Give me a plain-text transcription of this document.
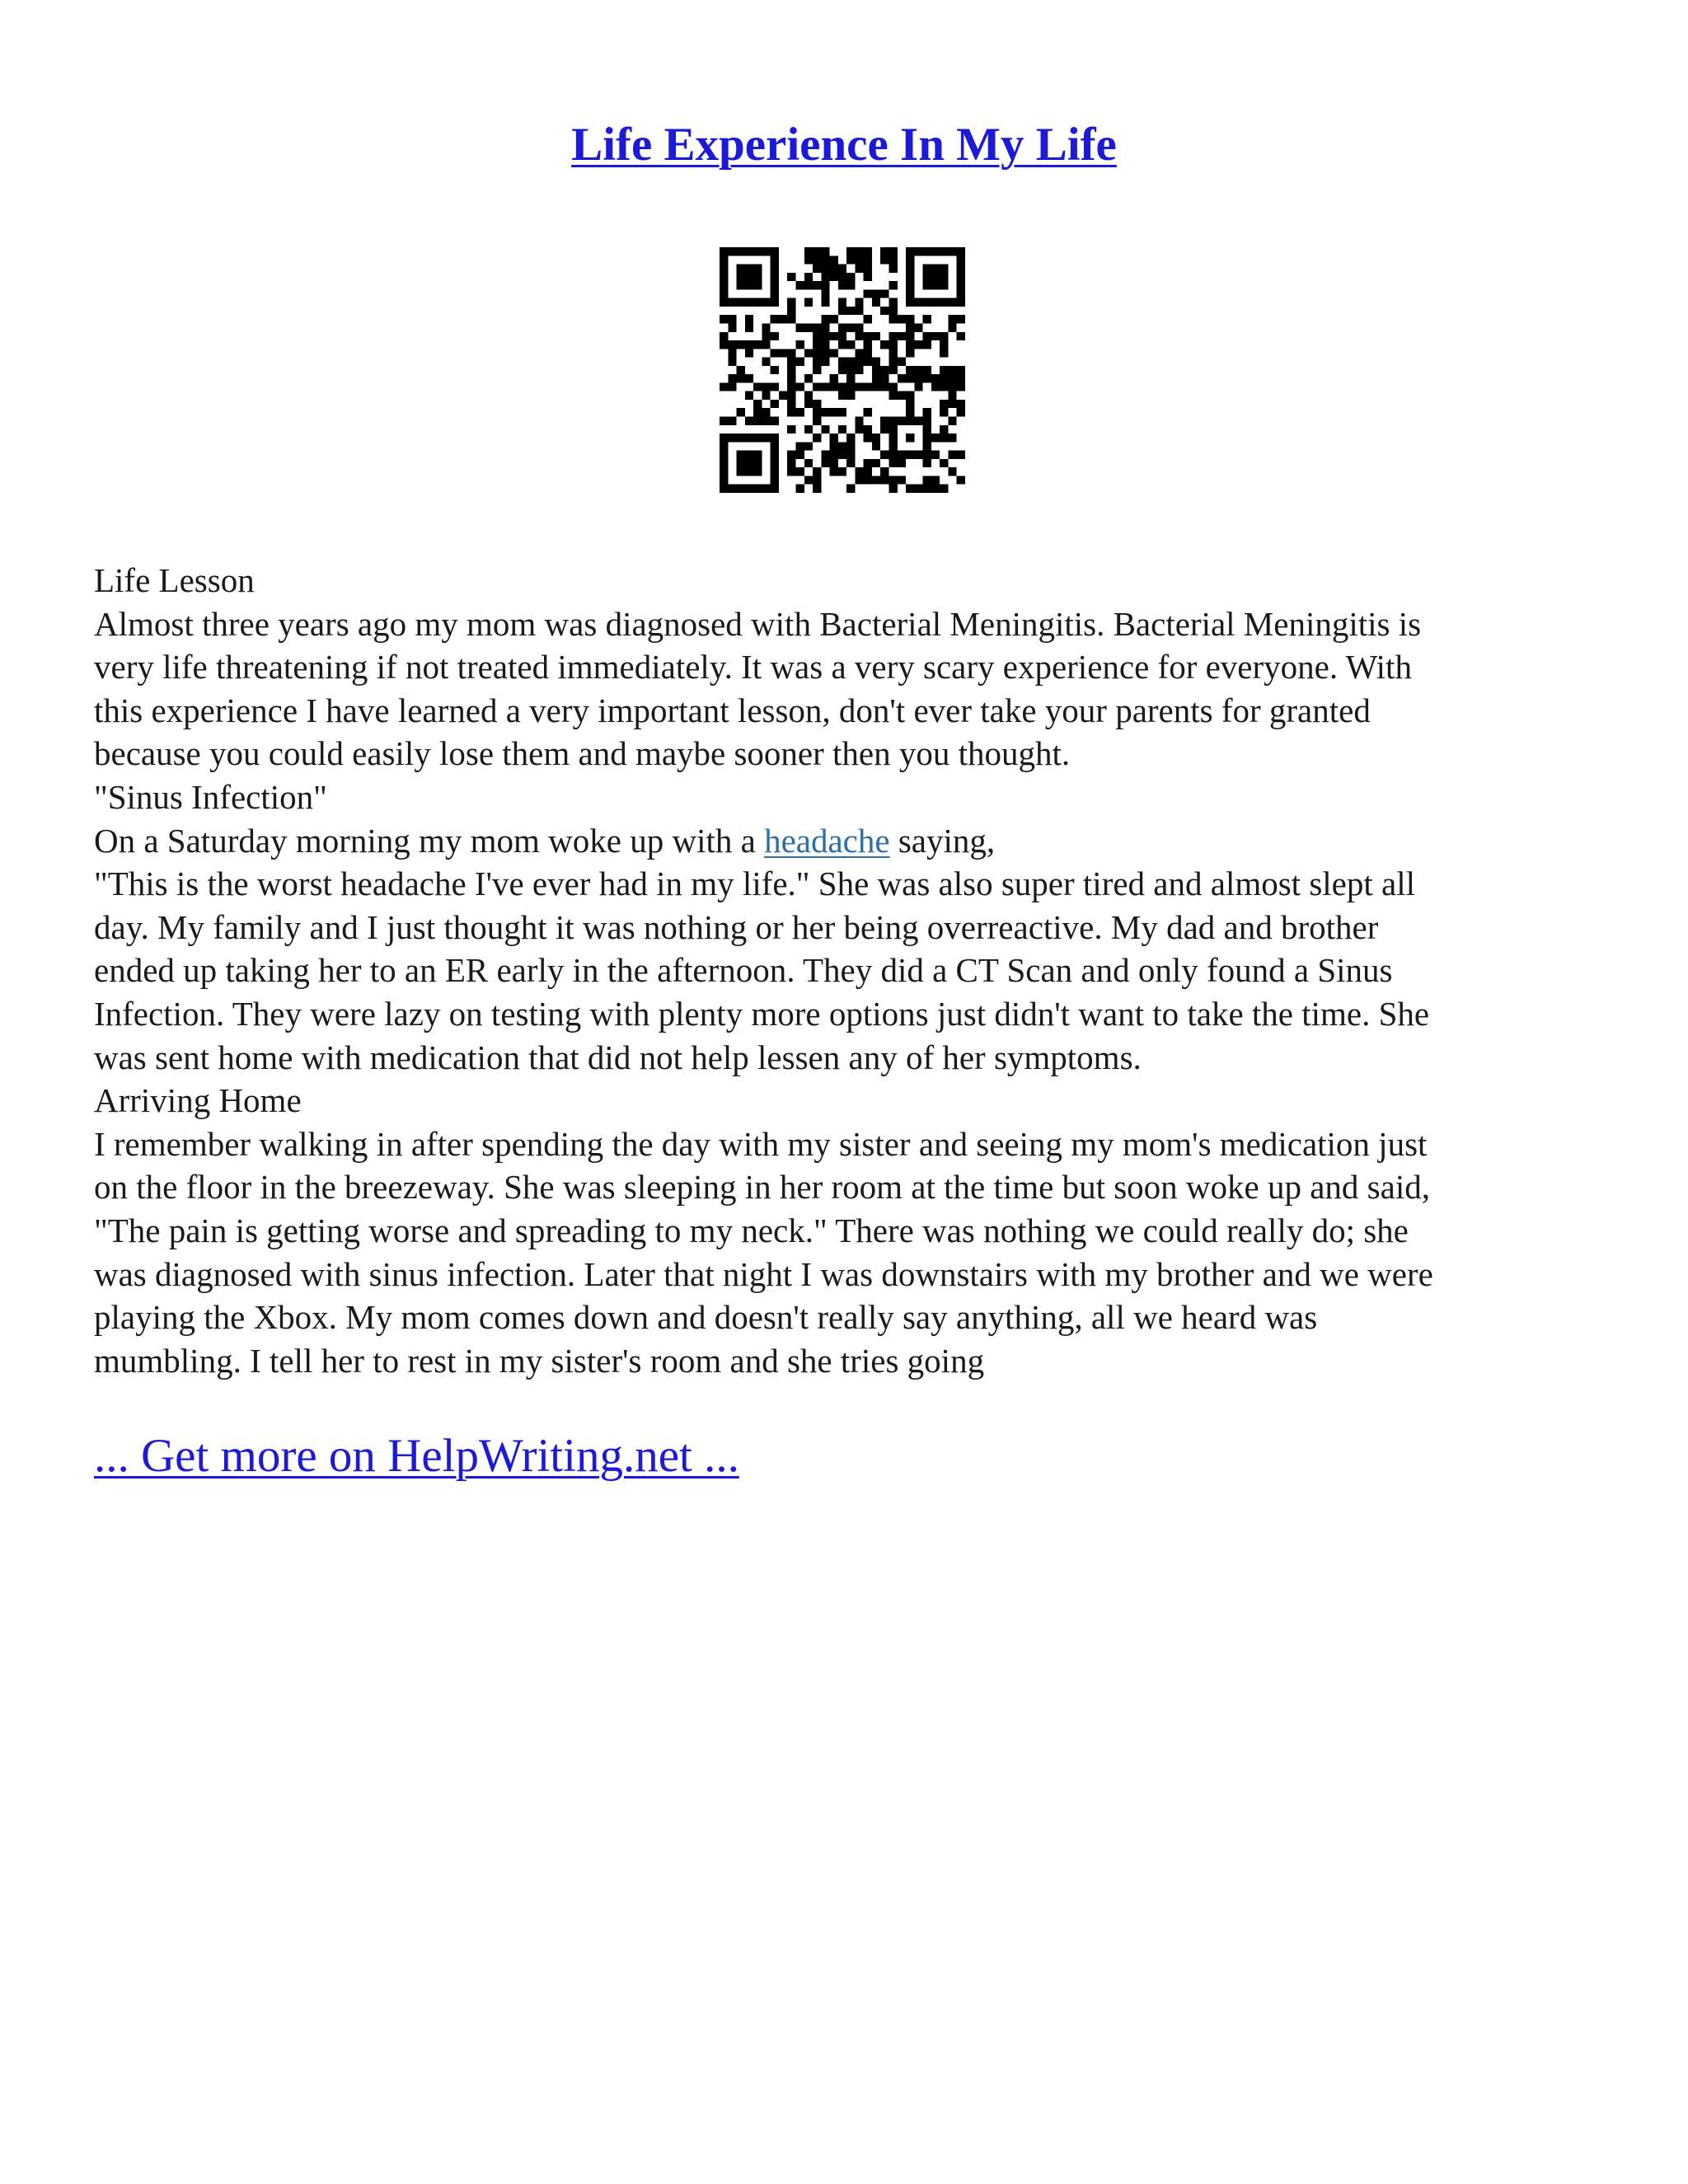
Life Experience In My Life
Life Lesson
Almost three years ago my mom was diagnosed with Bacterial Meningitis. Bacterial Meningitis is
very life threatening if not treated immediately. It was a very scary experience for everyone. With
this experience I have learned a very important lesson, don't ever take your parents for granted
because you could easily lose them and maybe sooner then you thought.
"Sinus Infection"
On a Saturday morning my mom woke up with a headache saying,
"This is the worst headache I've ever had in my life." She was also super tired and almost slept all
day. My family and I just thought it was nothing or her being overreactive. My dad and brother
ended up taking her to an ER early in the afternoon. They did a CT Scan and only found a Sinus
Infection. They were lazy on testing with plenty more options just didn't want to take the time. She
was sent home with medication that did not help lessen any of her symptoms.
Arriving Home
I remember walking in after spending the day with my sister and seeing my mom's medication just
on the floor in the breezeway. She was sleeping in her room at the time but soon woke up and said,
"The pain is getting worse and spreading to my neck." There was nothing we could really do; she
was diagnosed with sinus infection. Later that night I was downstairs with my brother and we were
playing the Xbox. My mom comes down and doesn't really say anything, all we heard was
mumbling. I tell her to rest in my sister's room and she tries going
... Get more on HelpWriting.net ...
